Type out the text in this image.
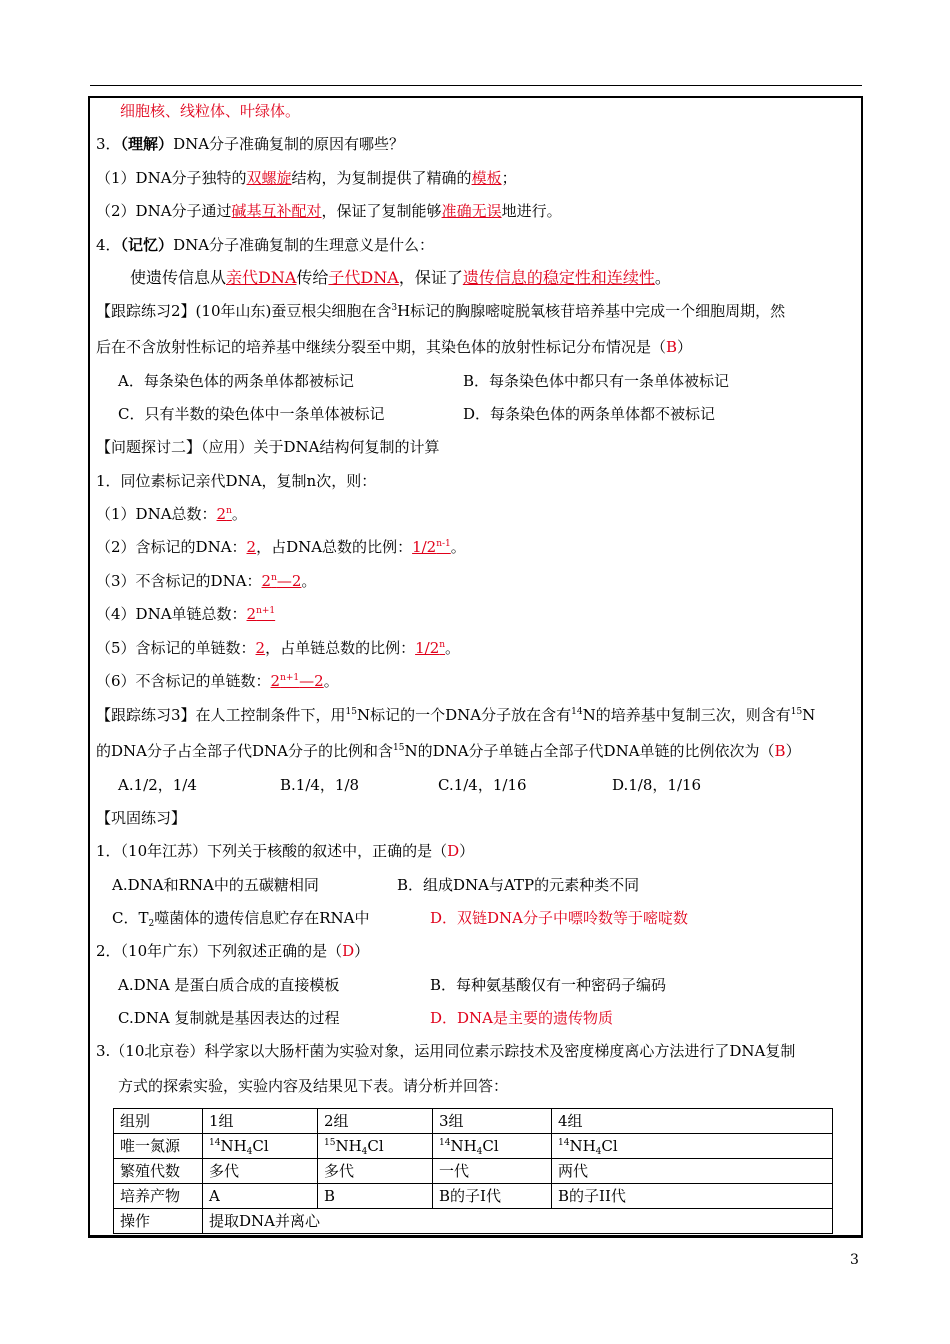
细胞核、线粒体、叶绿体。
3．（理解）DNA分子准确复制的原因有哪些？
（1）DNA分子独特的双螺旋结构，为复制提供了精确的模板；
（2）DNA分子通过碱基互补配对，保证了复制能够准确无误地进行。
4．（记忆）DNA分子准确复制的生理意义是什么：
使遗传信息从亲代DNA传给子代DNA，保证了遗传信息的稳定性和连续性。
【跟踪练习2】(10年山东)蚕豆根尖细胞在含$^3$H标记的胸腺嘧啶脱氧核苷培养基中完成一个细胞周期，然
后在不含放射性标记的培养基中继续分裂至中期，其染色体的放射性标记分布情况是（B）
A．每条染色体的两条单体都被标记	B．每条染色体中都只有一条单体被标记
C．只有半数的染色体中一条单体被标记	D．每条染色体的两条单体都不被标记
【问题探讨二】（应用）关于DNA结构何复制的计算
1．同位素标记亲代DNA，复制n次，则：
（1）DNA总数：2$^n$。
（2）含标记的DNA：2，占DNA总数的比例：1/2$^{n-1}$。
（3）不含标记的DNA：2$^n$—2。
（4）DNA单链总数：$2^{n+1}$
（5）含标记的单链数：2，占单链总数的比例：1/2$^n$。
（6）不含标记的单链数：$2^{n+1}—2$。
【跟踪练习3】在人工控制条件下，用$^{15}$N标记的一个DNA分子放在含有$^{14}$N的培养基中复制三次，则含有$^{15}$N
的DNA分子占全部子代DNA分子的比例和含$^{15}$N的DNA分子单链占全部子代DNA单链的比例依次为（B）
A.1/2，1/4	B.1/4，1/8	C.1/4，1/16	D.1/8，1/16
【巩固练习】
1．（10年江苏）下列关于核酸的叙述中，正确的是（D）
A.DNA和RNA中的五碳糖相同	B．组成DNA与ATP的元素种类不同
C．$T_2$噬菌体的遗传信息贮存在RNA中	D．双链DNA分子中嘌呤数等于嘧啶数
2．（10年广东）下列叙述正确的是（D）
A.DNA 是蛋白质合成的直接模板	B．每种氨基酸仅有一种密码子编码
C.DNA 复制就是基因表达的过程	D．DNA是主要的遗传物质
3.（10北京卷）科学家以大肠杆菌为实验对象，运用同位素示踪技术及密度梯度离心方法进行了DNA复制
方式的探索实验，实验内容及结果见下表。请分析并回答：
组别	1组	2组	3组	4组
唯一氮源	$^{14}NH_4Cl$	$^{15}NH_4Cl$	$^{14}NH_4Cl$	$^{14}NH_4Cl$
繁殖代数	多代	多代	一代	两代
培养产物	A	B	B的子I代	B的子II代
操作	提取DNA并离心			
3
